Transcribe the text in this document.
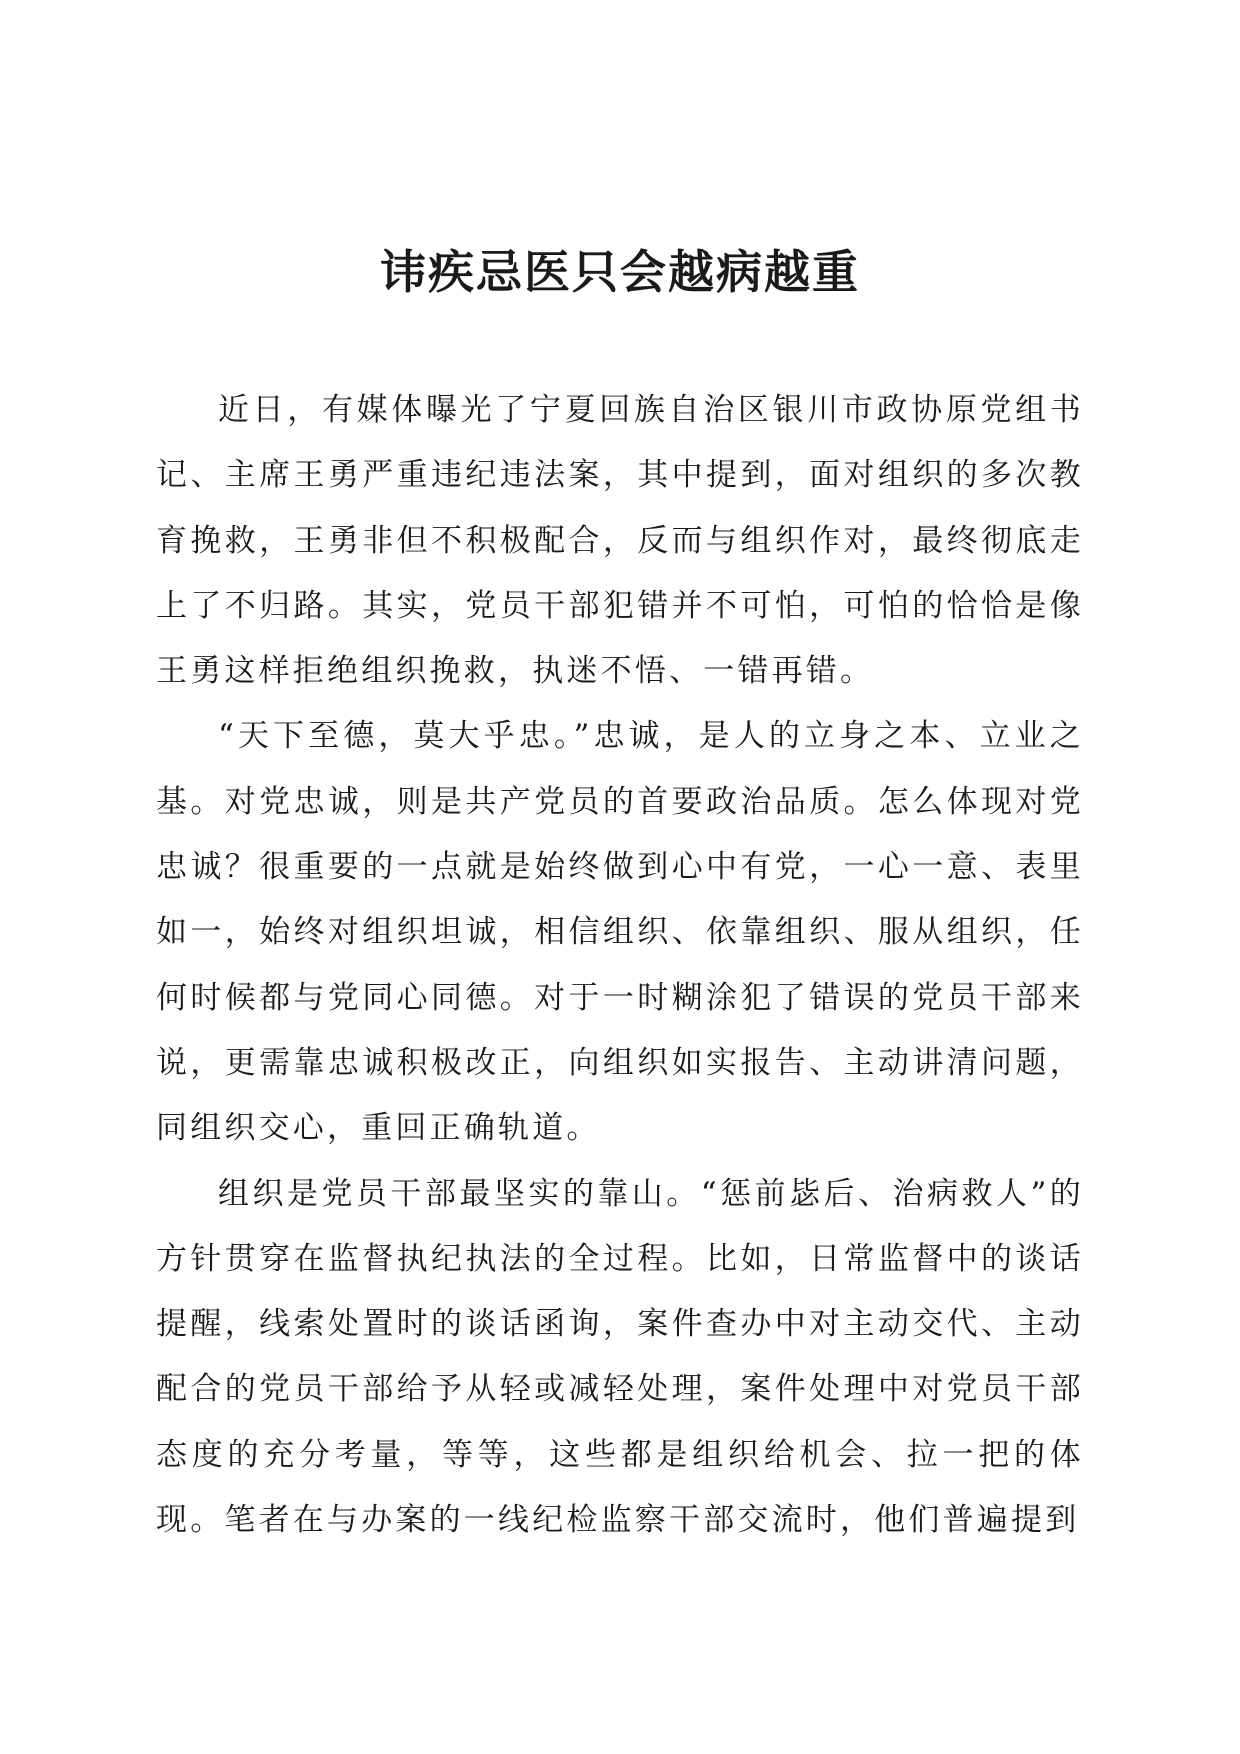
讳疾忌医只会越病越重

近日，有媒体曝光了宁夏回族自治区银川市政协原党组书记、主席王勇严重违纪违法案，其中提到，面对组织的多次教育挽救，王勇非但不积极配合，反而与组织作对，最终彻底走上了不归路。其实，党员干部犯错并不可怕，可怕的恰恰是像王勇这样拒绝组织挽救，执迷不悟、一错再错。

“天下至德，莫大乎忠。”忠诚，是人的立身之本、立业之基。对党忠诚，则是共产党员的首要政治品质。怎么体现对党忠诚？很重要的一点就是始终做到心中有党，一心一意、表里如一，始终对组织坦诚，相信组织、依靠组织、服从组织，任何时候都与党同心同德。对于一时糊涂犯了错误的党员干部来说，更需靠忠诚积极改正，向组织如实报告、主动讲清问题，同组织交心，重回正确轨道。

组织是党员干部最坚实的靠山。“惩前毖后、治病救人”的方针贯穿在监督执纪执法的全过程。比如，日常监督中的谈话提醒，线索处置时的谈话函询，案件查办中对主动交代、主动配合的党员干部给予从轻或减轻处理，案件处理中对党员干部态度的充分考量，等等，这些都是组织给机会、拉一把的体现。笔者在与办案的一线纪检监察干部交流时，他们普遍提到
